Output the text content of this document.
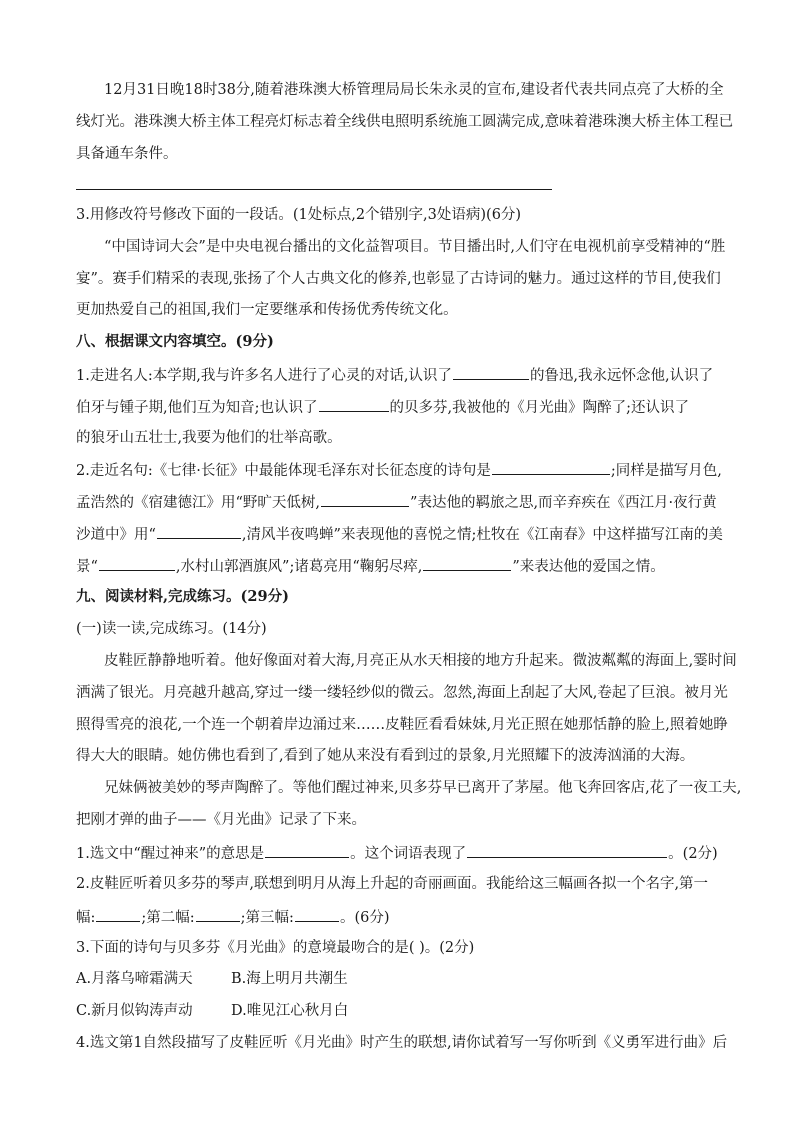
12月31日晚18时38分,随着港珠澳大桥管理局局长朱永灵的宣布,建设者代表共同点亮了大桥的全
线灯光。港珠澳大桥主体工程亮灯标志着全线供电照明系统施工圆满完成,意味着港珠澳大桥主体工程已
具备通车条件。
3.用修改符号修改下面的一段话。(1处标点,2个错别字,3处语病)(6分)
“中国诗词大会”是中央电视台播出的文化益智项目。节目播出时,人们守在电视机前享受精神的“胜
宴”。赛手们精采的表现,张扬了个人古典文化的修养,也彰显了古诗词的魅力。通过这样的节目,使我们
更加热爱自己的祖国,我们一定要继承和传扬优秀传统文化。
八、根据课文内容填空。(9分)
1.走进名人:本学期,我与许多名人进行了心灵的对话,认识了	的鲁迅,我永远怀念他,认识了
伯牙与锺子期,他们互为知音;也认识了	的贝多芬,我被他的《月光曲》陶醉了;还认识了
的狼牙山五壮士,我要为他们的壮举高歌。
2.走近名句:《七律·长征》中最能体现毛泽东对长征态度的诗句是	;同样是描写月色,
孟浩然的《宿建德江》用“野旷天低树,	”表达他的羁旅之思,而辛弃疾在《西江月·夜行黄
沙道中》用“	,清风半夜鸣蝉”来表现他的喜悦之情;杜牧在《江南春》中这样描写江南的美
景“	,水村山郭酒旗风”;诸葛亮用“鞠躬尽瘁,	”来表达他的爱国之情。
九、阅读材料,完成练习。(29分)
(一)读一读,完成练习。(14分)
皮鞋匠静静地听着。他好像面对着大海,月亮正从水天相接的地方升起来。微波粼粼的海面上,霎时间
洒满了银光。月亮越升越高,穿过一缕一缕轻纱似的微云。忽然,海面上刮起了大风,卷起了巨浪。被月光
照得雪亮的浪花,一个连一个朝着岸边涌过来……皮鞋匠看看妹妹,月光正照在她那恬静的脸上,照着她睁
得大大的眼睛。她仿佛也看到了,看到了她从来没有看到过的景象,月光照耀下的波涛汹涌的大海。
兄妹俩被美妙的琴声陶醉了。等他们醒过神来,贝多芬早已离开了茅屋。他飞奔回客店,花了一夜工夫,
把刚才弹的曲子——《月光曲》记录了下来。
1.选文中“醒过神来”的意思是	。这个词语表现了	。(2分)
2.皮鞋匠听着贝多芬的琴声,联想到明月从海上升起的奇丽画面。我能给这三幅画各拟一个名字,第一
幅:	;第二幅:	;第三幅:	。(6分)
3.下面的诗句与贝多芬《月光曲》的意境最吻合的是( )。(2分)
A.月落乌啼霜满天	B.海上明月共潮生
C.新月似钩涛声动	D.唯见江心秋月白
4.选文第1自然段描写了皮鞋匠听《月光曲》时产生的联想,请你试着写一写你听到《义勇军进行曲》后
